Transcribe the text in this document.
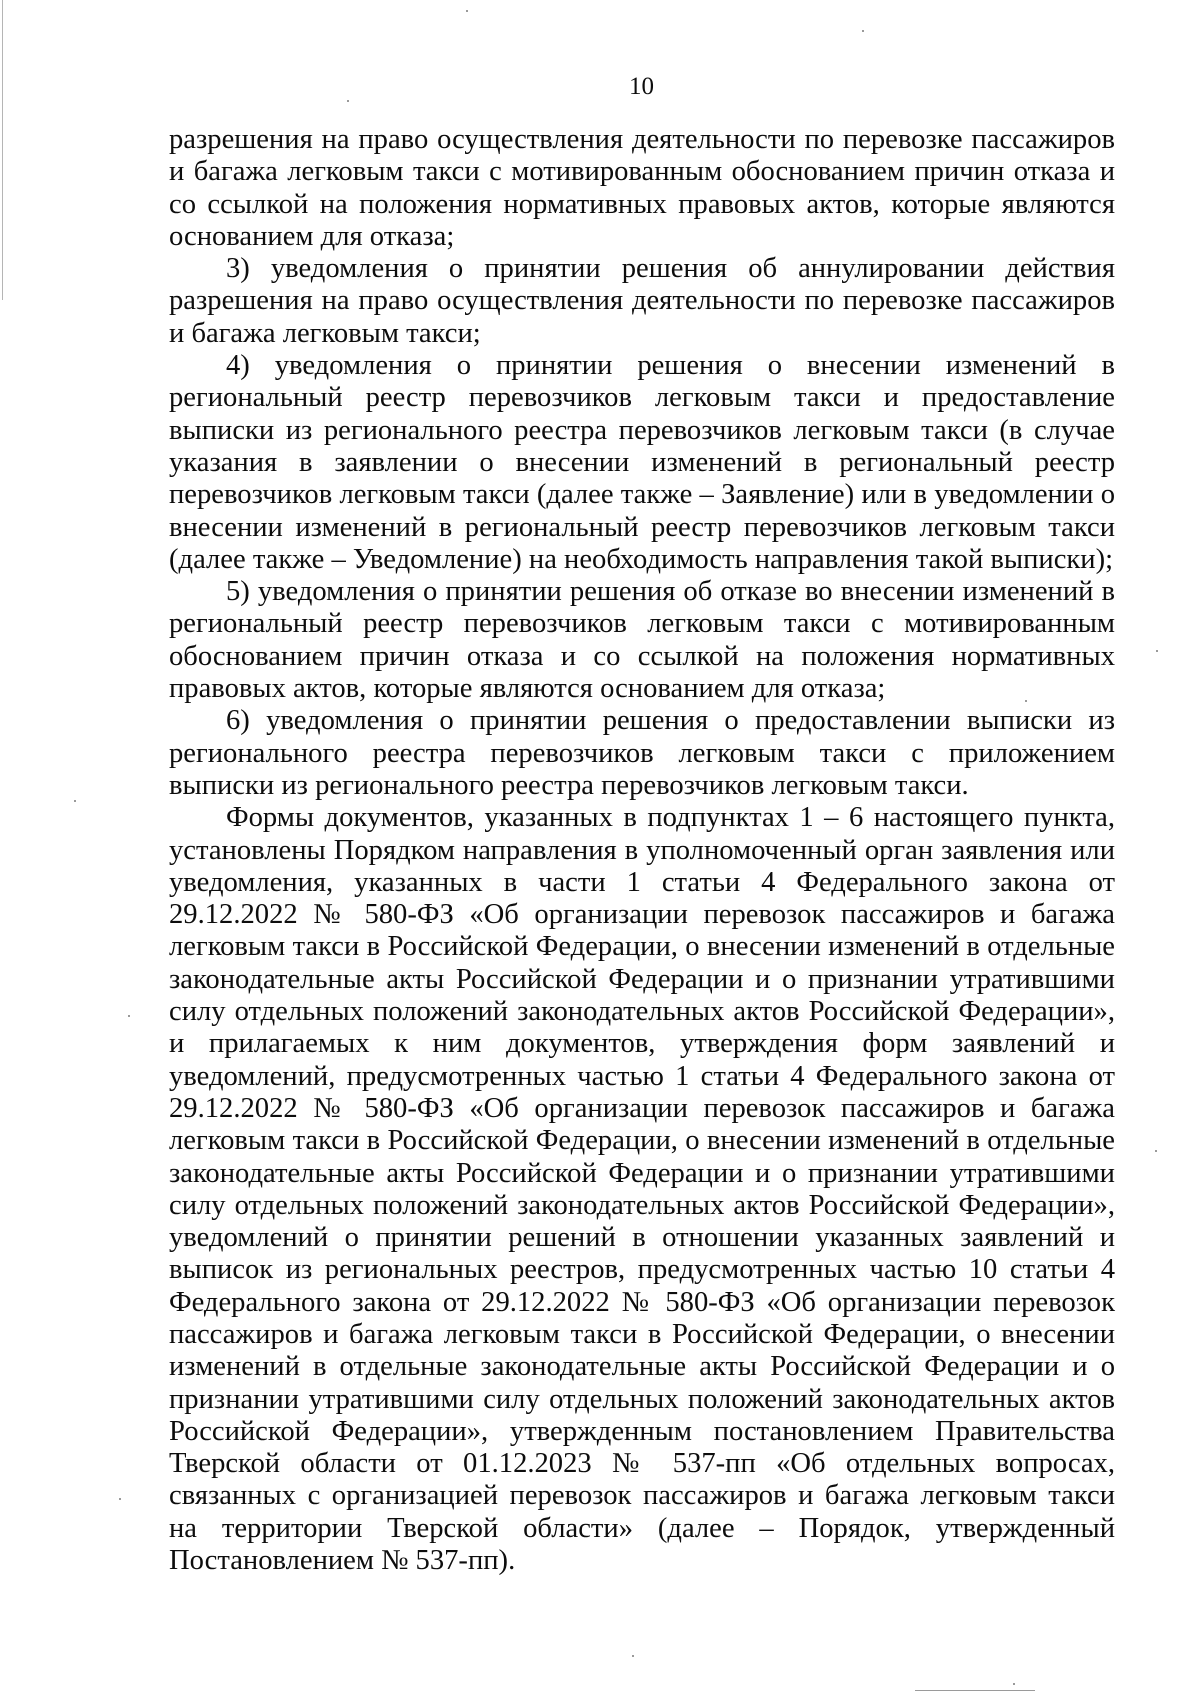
10

разрешения на право осуществления деятельности по перевозке пассажиров и багажа легковым такси с мотивированным обоснованием причин отказа и со ссылкой на положения нормативных правовых актов, которые являются основанием для отказа;

3) уведомления о принятии решения об аннулировании действия разрешения на право осуществления деятельности по перевозке пассажиров и багажа легковым такси;

4) уведомления о принятии решения о внесении изменений в региональный реестр перевозчиков легковым такси и предоставление выписки из регионального реестра перевозчиков легковым такси (в случае указания в заявлении о внесении изменений в региональный реестр перевозчиков легковым такси (далее также – Заявление) или в уведомлении о внесении изменений в региональный реестр перевозчиков легковым такси (далее также – Уведомление) на необходимость направления такой выписки);

5) уведомления о принятии решения об отказе во внесении изменений в региональный реестр перевозчиков легковым такси с мотивированным обоснованием причин отказа и со ссылкой на положения нормативных правовых актов, которые являются основанием для отказа;

6) уведомления о принятии решения о предоставлении выписки из регионального реестра перевозчиков легковым такси с приложением выписки из регионального реестра перевозчиков легковым такси.

Формы документов, указанных в подпунктах 1 – 6 настоящего пункта, установлены Порядком направления в уполномоченный орган заявления или уведомления, указанных в части 1 статьи 4 Федерального закона от 29.12.2022 № 580-ФЗ «Об организации перевозок пассажиров и багажа легковым такси в Российской Федерации, о внесении изменений в отдельные законодательные акты Российской Федерации и о признании утратившими силу отдельных положений законодательных актов Российской Федерации», и прилагаемых к ним документов, утверждения форм заявлений и уведомлений, предусмотренных частью 1 статьи 4 Федерального закона от 29.12.2022 № 580-ФЗ «Об организации перевозок пассажиров и багажа легковым такси в Российской Федерации, о внесении изменений в отдельные законодательные акты Российской Федерации и о признании утратившими силу отдельных положений законодательных актов Российской Федерации», уведомлений о принятии решений в отношении указанных заявлений и выписок из региональных реестров, предусмотренных частью 10 статьи 4 Федерального закона от 29.12.2022 № 580-ФЗ «Об организации перевозок пассажиров и багажа легковым такси в Российской Федерации, о внесении изменений в отдельные законодательные акты Российской Федерации и о признании утратившими силу отдельных положений законодательных актов Российской Федерации», утвержденным постановлением Правительства Тверской области от 01.12.2023 № 537-пп «Об отдельных вопросах, связанных с организацией перевозок пассажиров и багажа легковым такси на территории Тверской области» (далее – Порядок, утвержденный Постановлением № 537-пп).
